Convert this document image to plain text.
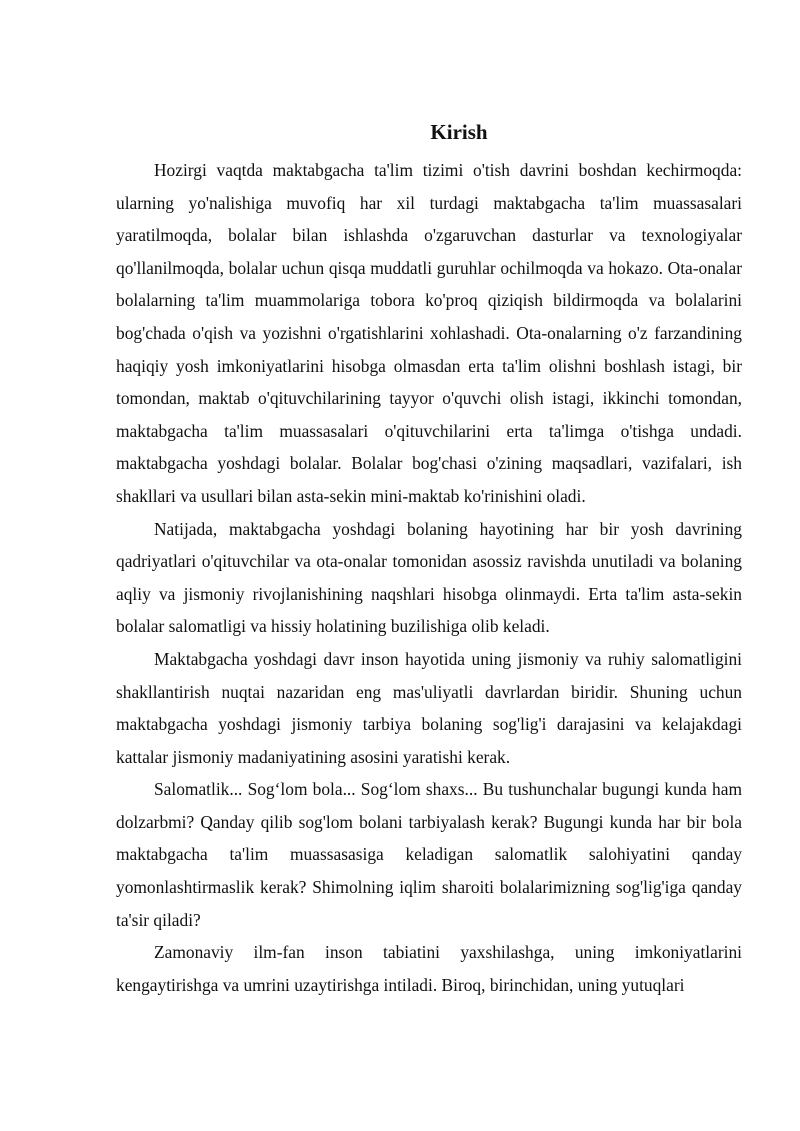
Kirish

Hozirgi vaqtda maktabgacha ta'lim tizimi o'tish davrini boshdan kechirmoqda: ularning yo'nalishiga muvofiq har xil turdagi maktabgacha ta'lim muassasalari yaratilmoqda, bolalar bilan ishlashda o'zgaruvchan dasturlar va texnologiyalar qo'llanilmoqda, bolalar uchun qisqa muddatli guruhlar ochilmoqda va hokazo. Ota-onalar bolalarning ta'lim muammolariga tobora ko'proq qiziqish bildirmoqda va bolalarini bog'chada o'qish va yozishni o'rgatishlarini xohlashadi. Ota-onalarning o'z farzandining haqiqiy yosh imkoniyatlarini hisobga olmasdan erta ta'lim olishni boshlash istagi, bir tomondan, maktab o'qituvchilarining tayyor o'quvchi olish istagi, ikkinchi tomondan, maktabgacha ta'lim muassasalari o'qituvchilarini erta ta'limga o'tishga undadi. maktabgacha yoshdagi bolalar. Bolalar bog'chasi o'zining maqsadlari, vazifalari, ish shakllari va usullari bilan asta-sekin mini-maktab ko'rinishini oladi.

Natijada, maktabgacha yoshdagi bolaning hayotining har bir yosh davrining qadriyatlari o'qituvchilar va ota-onalar tomonidan asossiz ravishda unutiladi va bolaning aqliy va jismoniy rivojlanishining naqshlari hisobga olinmaydi. Erta ta'lim asta-sekin bolalar salomatligi va hissiy holatining buzilishiga olib keladi.

Maktabgacha yoshdagi davr inson hayotida uning jismoniy va ruhiy salomatligini shakllantirish nuqtai nazaridan eng mas'uliyatli davrlardan biridir. Shuning uchun maktabgacha yoshdagi jismoniy tarbiya bolaning sog'lig'i darajasini va kelajakdagi kattalar jismoniy madaniyatining asosini yaratishi kerak.

Salomatlik... Sog‘lom bola... Sog‘lom shaxs... Bu tushunchalar bugungi kunda ham dolzarbmi? Qanday qilib sog'lom bolani tarbiyalash kerak? Bugungi kunda har bir bola maktabgacha ta'lim muassasasiga keladigan salomatlik salohiyatini qanday yomonlashtirmaslik kerak? Shimolning iqlim sharoiti bolalarimizning sog'lig'iga qanday ta'sir qiladi?

Zamonaviy ilm-fan inson tabiatini yaxshilashga, uning imkoniyatlarini kengaytirishga va umrini uzaytirishga intiladi. Biroq, birinchidan, uning yutuqlari
